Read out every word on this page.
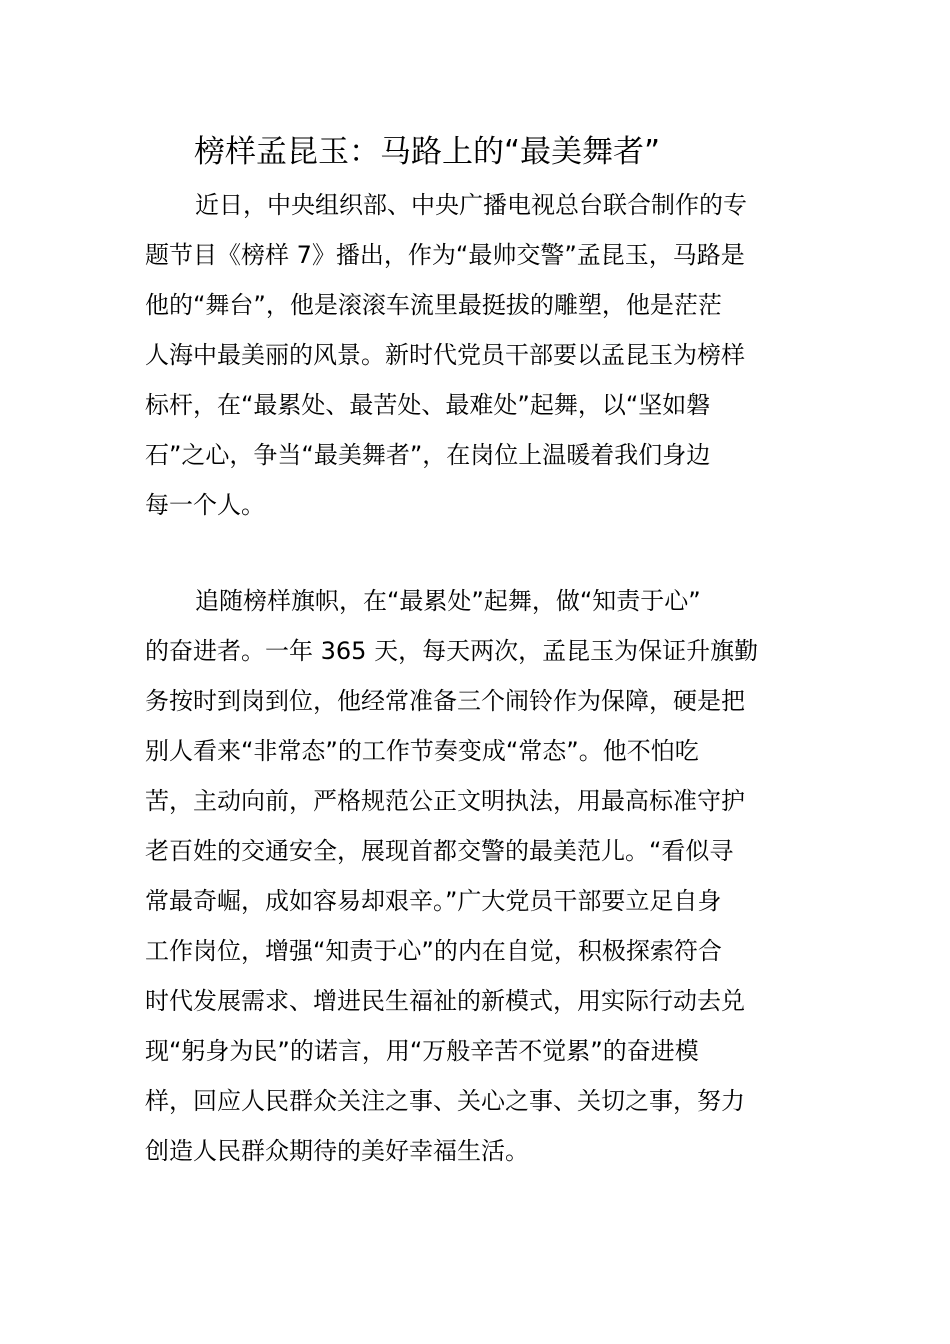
榜样孟昆玉：马路上的“最美舞者”
近日，中央组织部、中央广播电视总台联合制作的专
题节目《榜样 7》播出，作为“最帅交警”孟昆玉，马路是
他的“舞台”，他是滚滚车流里最挺拔的雕塑，他是茫茫
人海中最美丽的风景。新时代党员干部要以孟昆玉为榜样
标杆，在“最累处、最苦处、最难处”起舞，以“坚如磐
石”之心，争当“最美舞者”，在岗位上温暖着我们身边
每一个人。
追随榜样旗帜，在“最累处”起舞，做“知责于心”
的奋进者。一年 365 天，每天两次，孟昆玉为保证升旗勤
务按时到岗到位，他经常准备三个闹铃作为保障，硬是把
别人看来“非常态”的工作节奏变成“常态”。他不怕吃
苦，主动向前，严格规范公正文明执法，用最高标准守护
老百姓的交通安全，展现首都交警的最美范儿。“看似寻
常最奇崛，成如容易却艰辛。”广大党员干部要立足自身
工作岗位，增强“知责于心”的内在自觉，积极探索符合
时代发展需求、增进民生福祉的新模式，用实际行动去兑
现“躬身为民”的诺言，用“万般辛苦不觉累”的奋进模
样，回应人民群众关注之事、关心之事、关切之事，努力
创造人民群众期待的美好幸福生活。
